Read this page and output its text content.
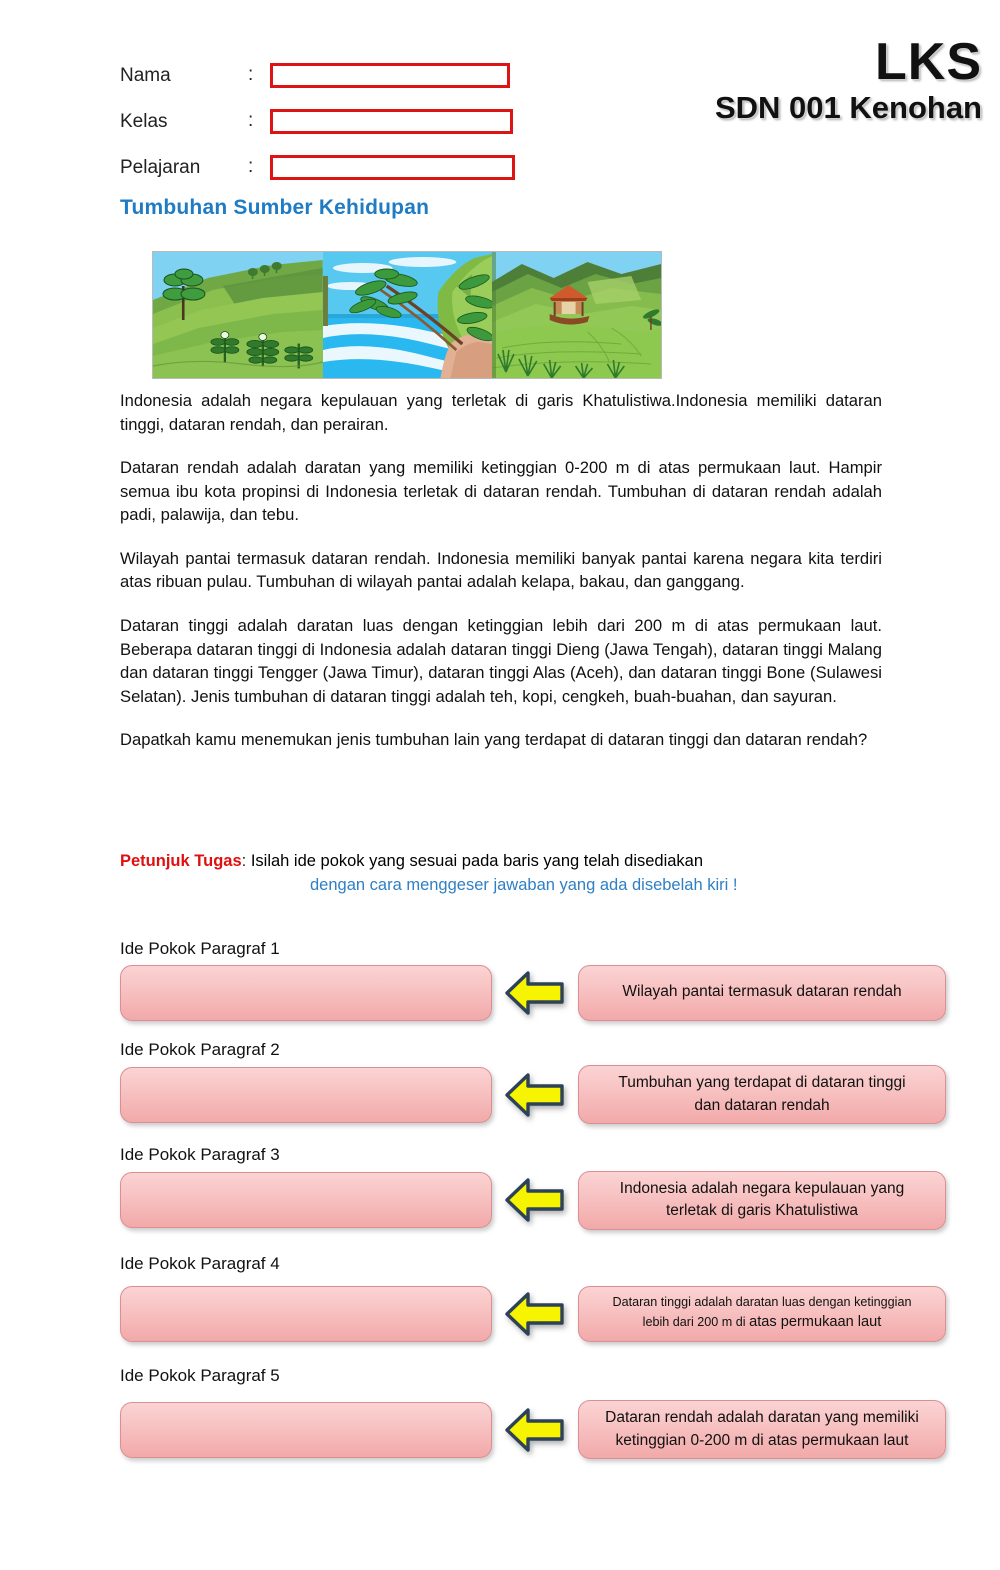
Nama	:
Kelas	:
Pelajaran	:
LKS
SDN 001 Kenohan
Tumbuhan Sumber Kehidupan

Indonesia adalah negara kepulauan yang terletak di garis Khatulistiwa.Indonesia memiliki dataran tinggi, dataran rendah, dan perairan.

Dataran rendah adalah daratan yang memiliki ketinggian 0-200 m di atas permukaan laut. Hampir semua ibu kota propinsi di Indonesia terletak di dataran rendah. Tumbuhan di dataran rendah adalah padi, palawija, dan tebu.

Wilayah pantai termasuk dataran rendah. Indonesia memiliki banyak pantai karena negara kita terdiri atas ribuan pulau. Tumbuhan di wilayah pantai adalah kelapa, bakau, dan ganggang.

Dataran tinggi adalah daratan luas dengan ketinggian lebih dari 200 m di atas permukaan laut. Beberapa dataran tinggi di Indonesia adalah dataran tinggi Dieng (Jawa Tengah), dataran tinggi Malang dan dataran tinggi Tengger (Jawa Timur), dataran tinggi Alas (Aceh), dan dataran tinggi Bone (Sulawesi Selatan). Jenis tumbuhan di dataran tinggi adalah teh, kopi, cengkeh, buah-buahan, dan sayuran.

Dapatkah kamu menemukan jenis tumbuhan lain yang terdapat di dataran tinggi dan dataran rendah?

Petunjuk Tugas: Isilah ide pokok yang sesuai pada baris yang telah disediakan
dengan cara menggeser jawaban yang ada disebelah kiri !
Ide Pokok Paragraf 1
Wilayah pantai termasuk dataran rendah
Ide Pokok Paragraf 2
Tumbuhan yang terdapat di dataran tinggi
dan dataran rendah
Ide Pokok Paragraf 3
Indonesia adalah negara kepulauan yang
terletak di garis Khatulistiwa
Ide Pokok Paragraf 4
Dataran tinggi adalah daratan luas dengan ketinggian
lebih dari 200 m di atas permukaan laut
Ide Pokok Paragraf 5
Dataran rendah adalah daratan yang memiliki
ketinggian 0-200 m di atas permukaan laut
